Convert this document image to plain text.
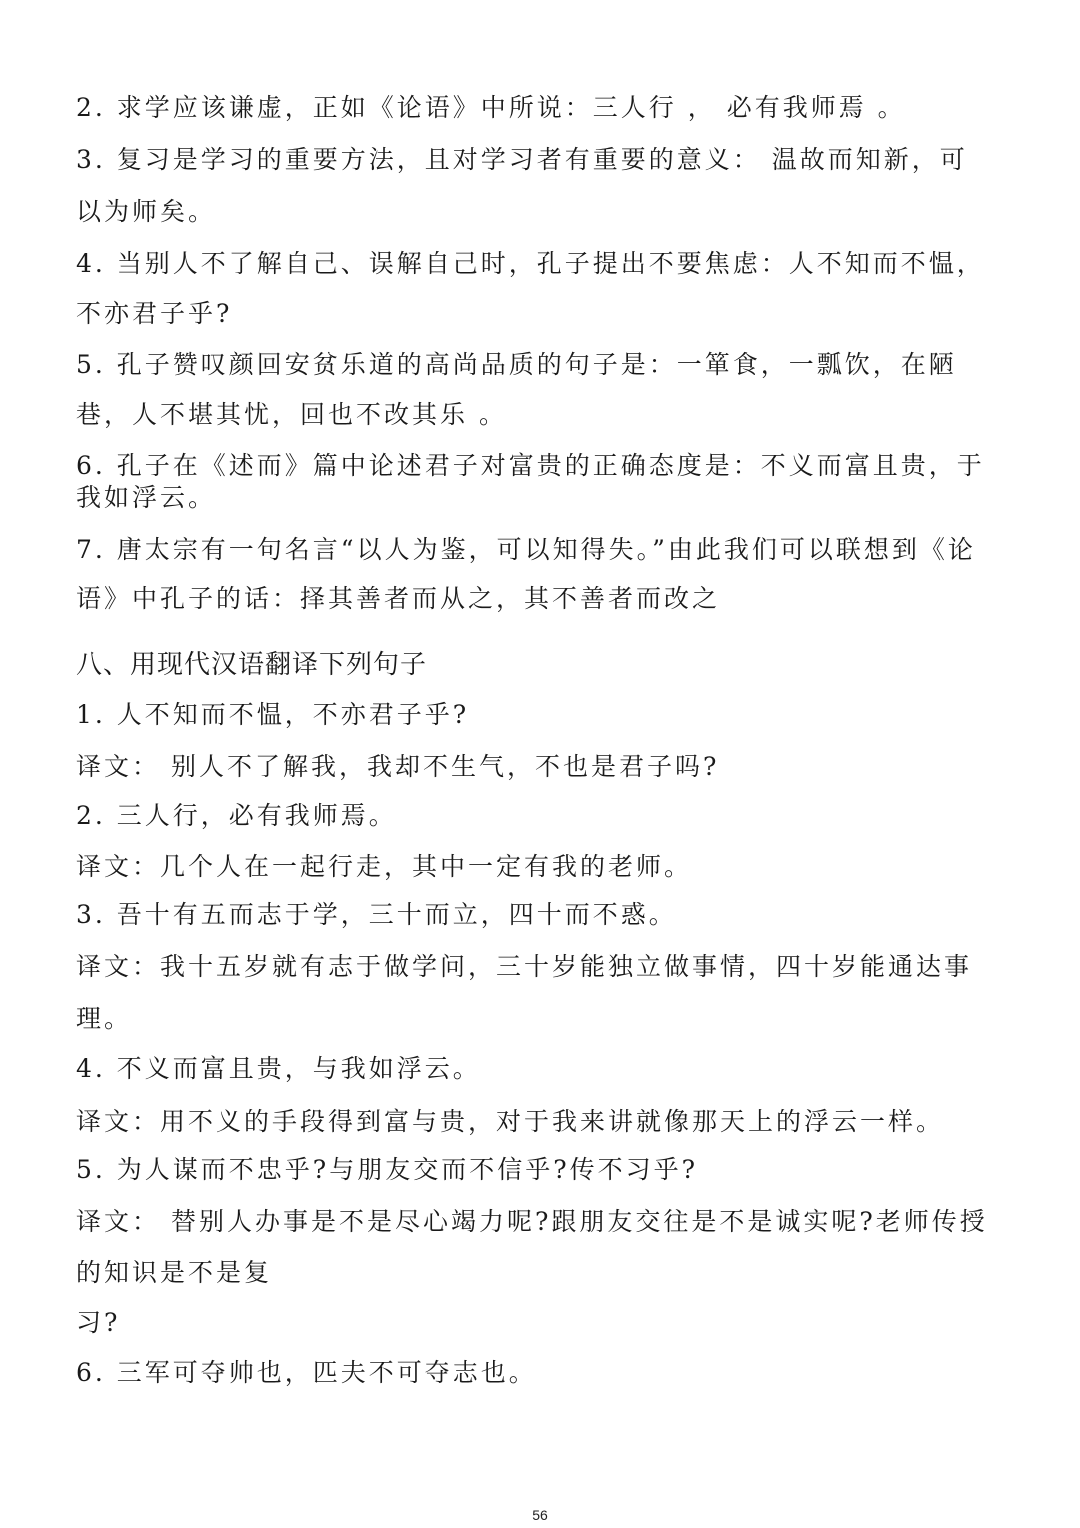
2. 求学应该谦虚，正如《论语》中所说：三人行 ， 必有我师焉 。
3. 复习是学习的重要方法，且对学习者有重要的意义： 温故而知新，可
以为师矣。
4. 当别人不了解自己、误解自己时，孔子提出不要焦虑：人不知而不愠，
不亦君子乎?
5. 孔子赞叹颜回安贫乐道的高尚品质的句子是：一箪食，一瓢饮，在陋
巷，人不堪其忧，回也不改其乐 。
6. 孔子在《述而》篇中论述君子对富贵的正确态度是：不义而富且贵，于
我如浮云。
7. 唐太宗有一句名言“以人为鉴，可以知得失。”由此我们可以联想到《论
语》中孔子的话：择其善者而从之，其不善者而改之
八、用现代汉语翻译下列句子
1. 人不知而不愠，不亦君子乎?
译文： 别人不了解我，我却不生气，不也是君子吗?
2. 三人行，必有我师焉。
译文：几个人在一起行走，其中一定有我的老师。
3. 吾十有五而志于学，三十而立，四十而不惑。
译文：我十五岁就有志于做学问，三十岁能独立做事情，四十岁能通达事
理。
4. 不义而富且贵，与我如浮云。
译文：用不义的手段得到富与贵，对于我来讲就像那天上的浮云一样。
5. 为人谋而不忠乎?与朋友交而不信乎?传不习乎?
译文： 替别人办事是不是尽心竭力呢?跟朋友交往是不是诚实呢?老师传授
的知识是不是复
习?
6. 三军可夺帅也，匹夫不可夺志也。
56
